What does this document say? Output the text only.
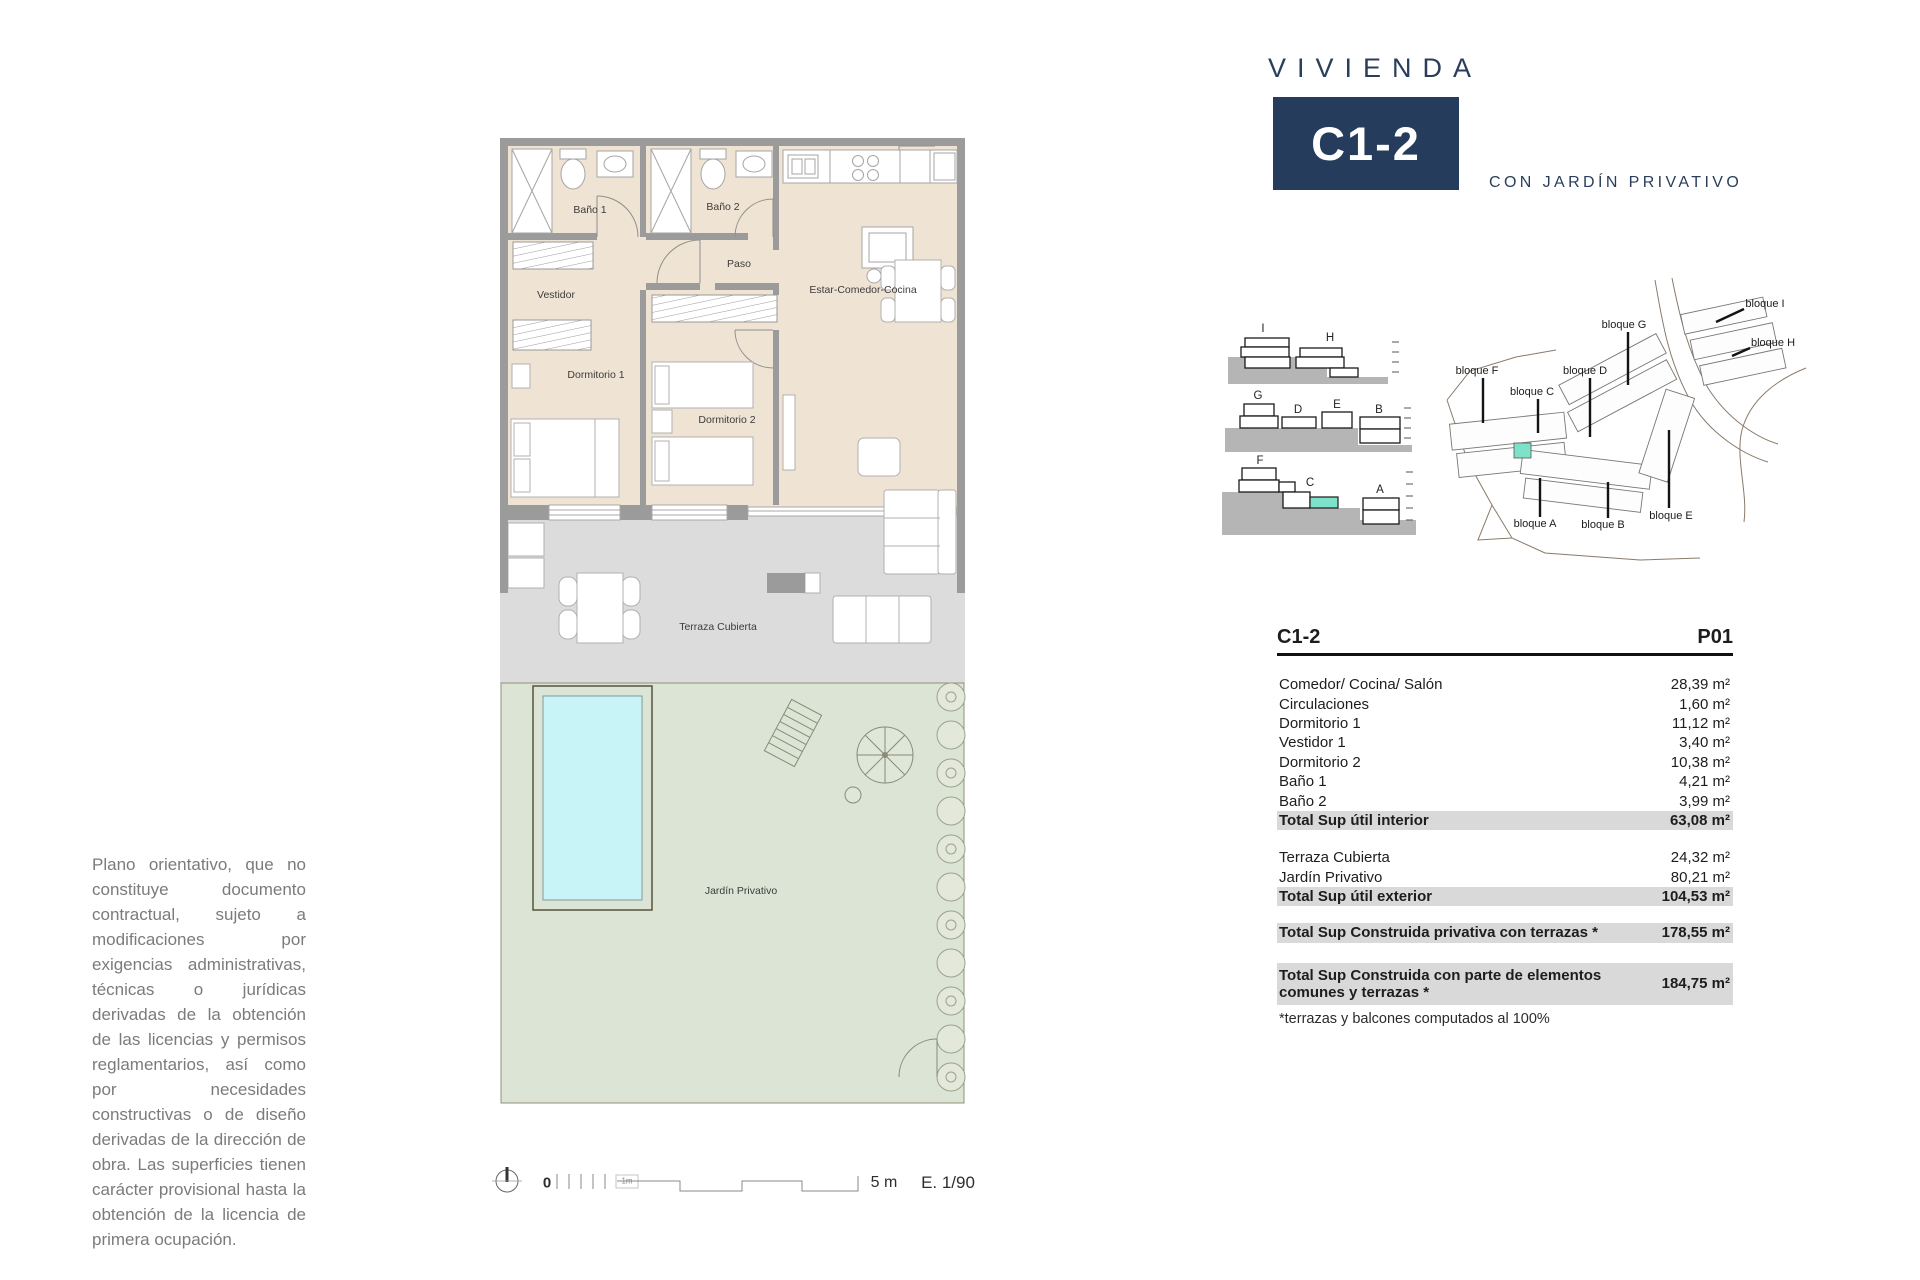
Baño 1	Baño 2
Paso
Vestidor
Dormitorio 1
Dormitorio 2
Estar-Comedor-Cocina
Terraza Cubierta
Jardín Privativo
0	1m	5 m E. 1/90
VIVIENDA
C1-2
CON JARDÍN PRIVATIVO
I
H
G
D	E	B
F
C
A
bloque F
bloque C
bloque D
bloque G
bloque I
bloque H
bloque A bloque B
bloque E
C1-2	P01
Comedor/ Cocina/ Salón	28,39 m²
Circulaciones	1,60 m²
Dormitorio 1	11,12 m²
Vestidor 1	3,40 m²
Dormitorio 2	10,38 m²
Baño 1	4,21 m²
Baño 2	3,99 m²
Total Sup útil interior	63,08 m²
Terraza Cubierta	24,32 m²
Jardín Privativo	80,21 m²
Total Sup útil exterior	104,53 m²
Total Sup Construida privativa con terrazas *	178,55 m²
Total Sup Construida con parte de elementos comunes y terrazas *	184,75 m²
*terrazas y balcones computados al 100%
Plano orientativo, que no constituye documento contractual, sujeto a modificaciones por exigencias administrativas, técnicas o jurídicas derivadas de la obtención de las licencias y permisos reglamentarios, así como por necesidades constructivas o de diseño derivadas de la dirección de obra. Las superficies tienen carácter provisional hasta la obtención de la licencia de primera ocupación.
